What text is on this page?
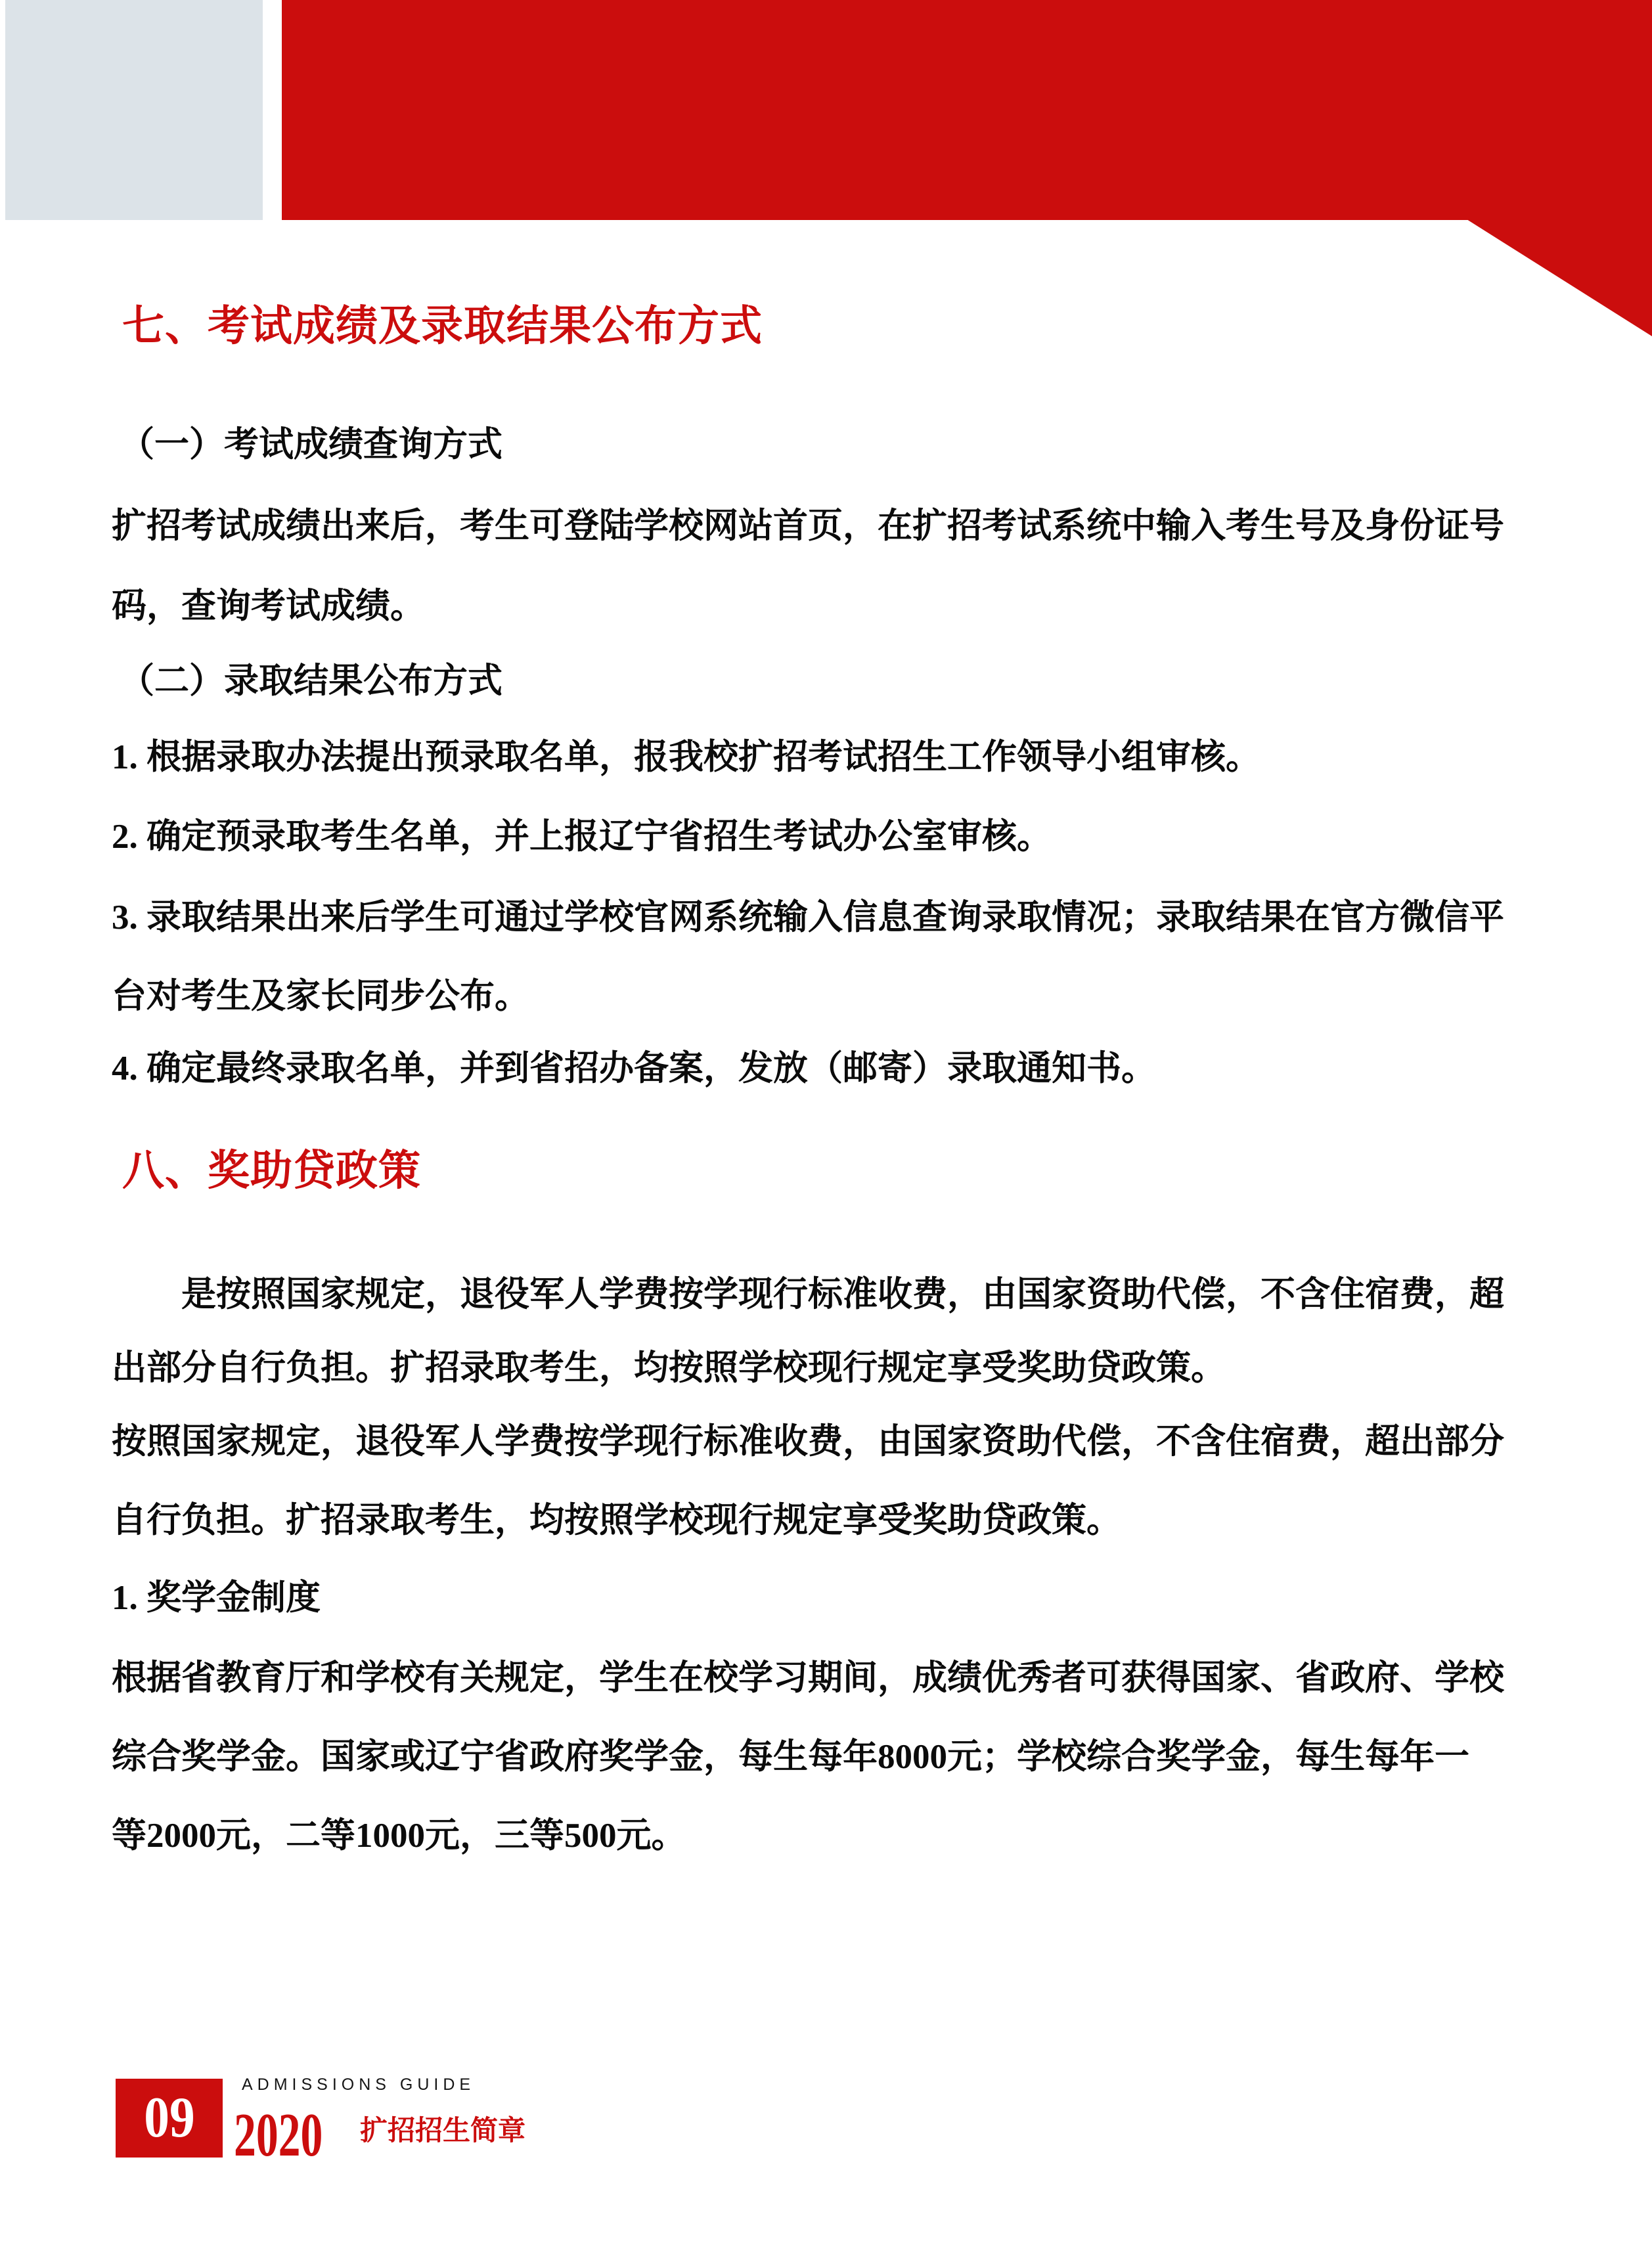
七、考试成绩及录取结果公布方式
（一）考试成绩查询方式
扩招考试成绩出来后，考生可登陆学校网站首页，在扩招考试系统中输入考生号及身份证号
码，查询考试成绩。
（二）录取结果公布方式
1. 根据录取办法提出预录取名单，报我校扩招考试招生工作领导小组审核。
2. 确定预录取考生名单，并上报辽宁省招生考试办公室审核。
3. 录取结果出来后学生可通过学校官网系统输入信息查询录取情况；录取结果在官方微信平
台对考生及家长同步公布。
4. 确定最终录取名单，并到省招办备案，发放（邮寄）录取通知书。
八、奖助贷政策
是按照国家规定，退役军人学费按学现行标准收费，由国家资助代偿，不含住宿费，超
出部分自行负担。扩招录取考生，均按照学校现行规定享受奖助贷政策。
按照国家规定，退役军人学费按学现行标准收费，由国家资助代偿，不含住宿费，超出部分
自行负担。扩招录取考生，均按照学校现行规定享受奖助贷政策。
1. 奖学金制度
根据省教育厅和学校有关规定，学生在校学习期间，成绩优秀者可获得国家、省政府、学校
综合奖学金。国家或辽宁省政府奖学金，每生每年8000元；学校综合奖学金，每生每年一
等2000元，二等1000元，三等500元。
09
ADMISSIONS GUIDE
2020 扩招招生简章
